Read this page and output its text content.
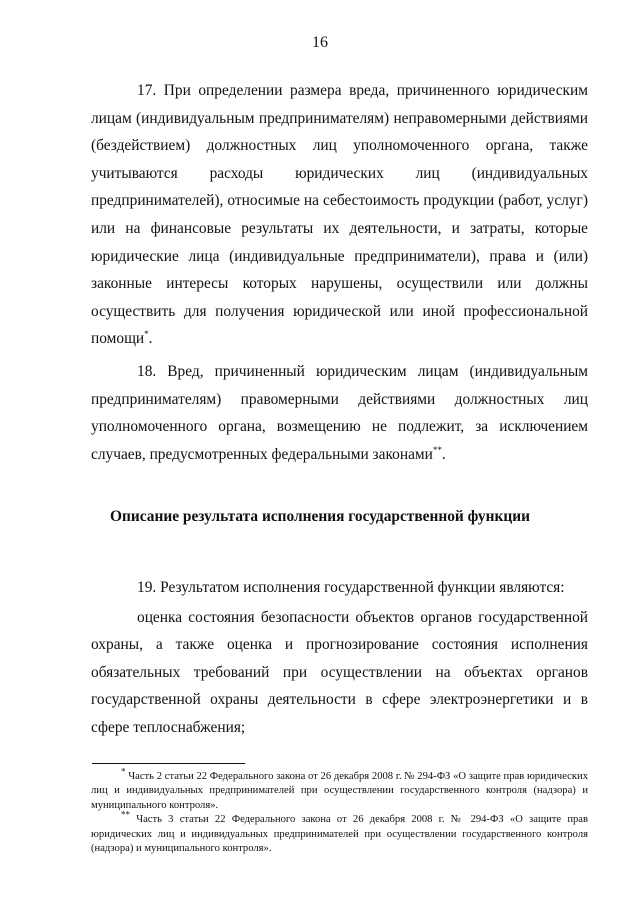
16

17. При определении размера вреда, причиненного юридическим лицам (индивидуальным предпринимателям) неправомерными действиями (бездействием) должностных лиц уполномоченного органа, также учитываются расходы юридических лиц (индивидуальных предпринимателей), относимые на себестоимость продукции (работ, услуг) или на финансовые результаты их деятельности, и затраты, которые юридические лица (индивидуальные предприниматели), права и (или) законные интересы которых нарушены, осуществили или должны осуществить для получения юридической или иной профессиональной помощи*.

18. Вред, причиненный юридическим лицам (индивидуальным предпринимателям) правомерными действиями должностных лиц уполномоченного органа, возмещению не подлежит, за исключением случаев, предусмотренных федеральными законами**.

Описание результата исполнения государственной функции

19. Результатом исполнения государственной функции являются:

оценка состояния безопасности объектов органов государственной охраны, а также оценка и прогнозирование состояния исполнения обязательных требований при осуществлении на объектах органов государственной охраны деятельности в сфере электроэнергетики и в сфере теплоснабжения;

* Часть 2 статьи 22 Федерального закона от 26 декабря 2008 г. № 294-ФЗ «О защите прав юридических лиц и индивидуальных предпринимателей при осуществлении государственного контроля (надзора) и муниципального контроля».

** Часть 3 статьи 22 Федерального закона от 26 декабря 2008 г. № 294-ФЗ «О защите прав юридических лиц и индивидуальных предпринимателей при осуществлении государственного контроля (надзора) и муниципального контроля».
